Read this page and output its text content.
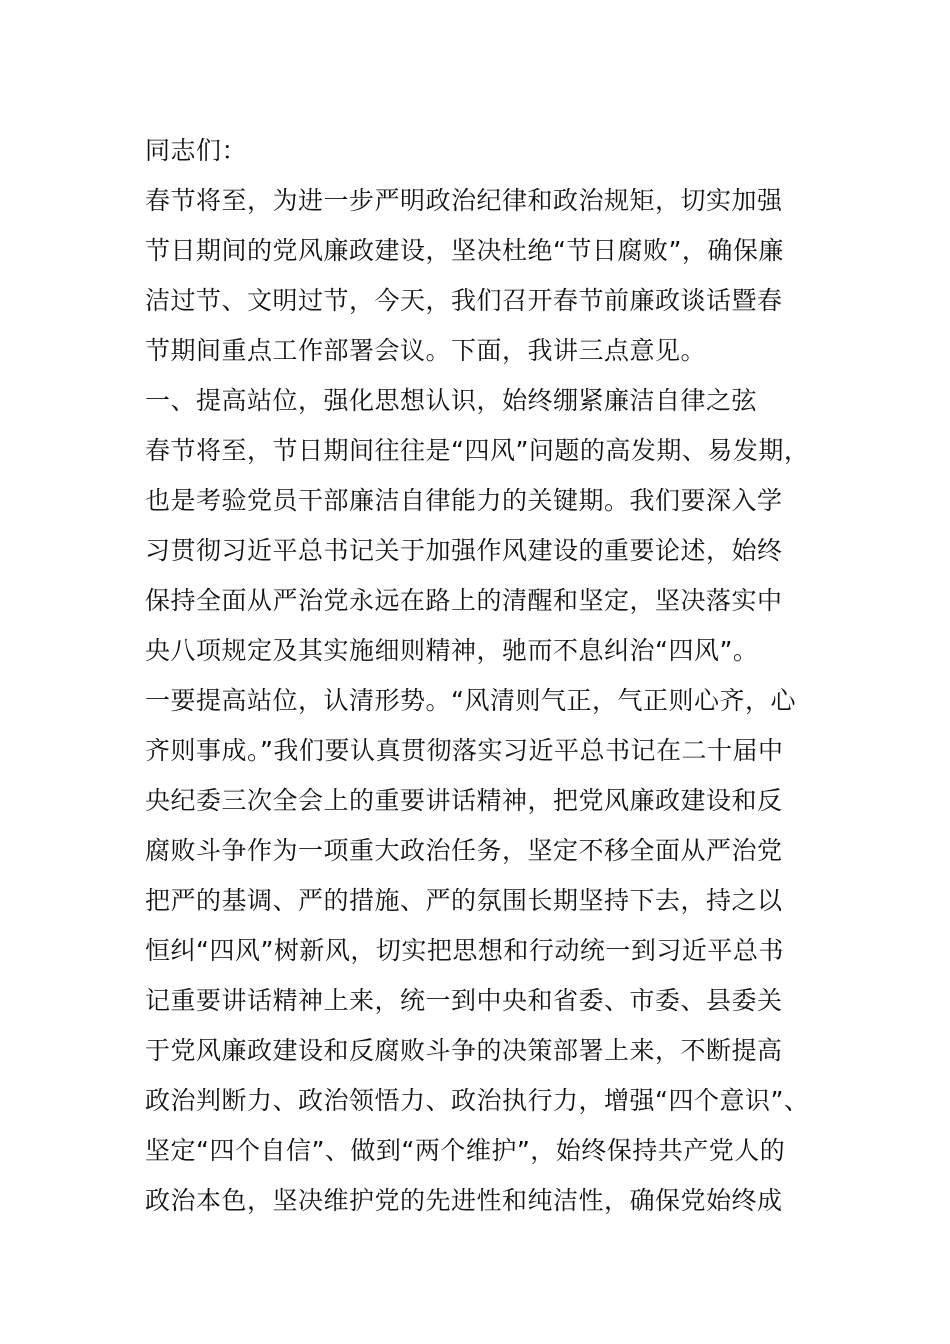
同志们：
春节将至，为进一步严明政治纪律和政治规矩，切实加强
节日期间的党风廉政建设，坚决杜绝“节日腐败”，确保廉
洁过节、文明过节，今天，我们召开春节前廉政谈话暨春
节期间重点工作部署会议。下面，我讲三点意见。
一、提高站位，强化思想认识，始终绷紧廉洁自律之弦
春节将至，节日期间往往是“四风”问题的高发期、易发期，
也是考验党员干部廉洁自律能力的关键期。我们要深入学
习贯彻习近平总书记关于加强作风建设的重要论述，始终
保持全面从严治党永远在路上的清醒和坚定，坚决落实中
央八项规定及其实施细则精神，驰而不息纠治“四风”。
一要提高站位，认清形势。“风清则气正，气正则心齐，心
齐则事成。”我们要认真贯彻落实习近平总书记在二十届中
央纪委三次全会上的重要讲话精神，把党风廉政建设和反
腐败斗争作为一项重大政治任务，坚定不移全面从严治党
把严的基调、严的措施、严的氛围长期坚持下去，持之以
恒纠“四风”树新风，切实把思想和行动统一到习近平总书
记重要讲话精神上来，统一到中央和省委、市委、县委关
于党风廉政建设和反腐败斗争的决策部署上来，不断提高
政治判断力、政治领悟力、政治执行力，增强“四个意识”、
坚定“四个自信”、做到“两个维护”，始终保持共产党人的
政治本色，坚决维护党的先进性和纯洁性，确保党始终成
